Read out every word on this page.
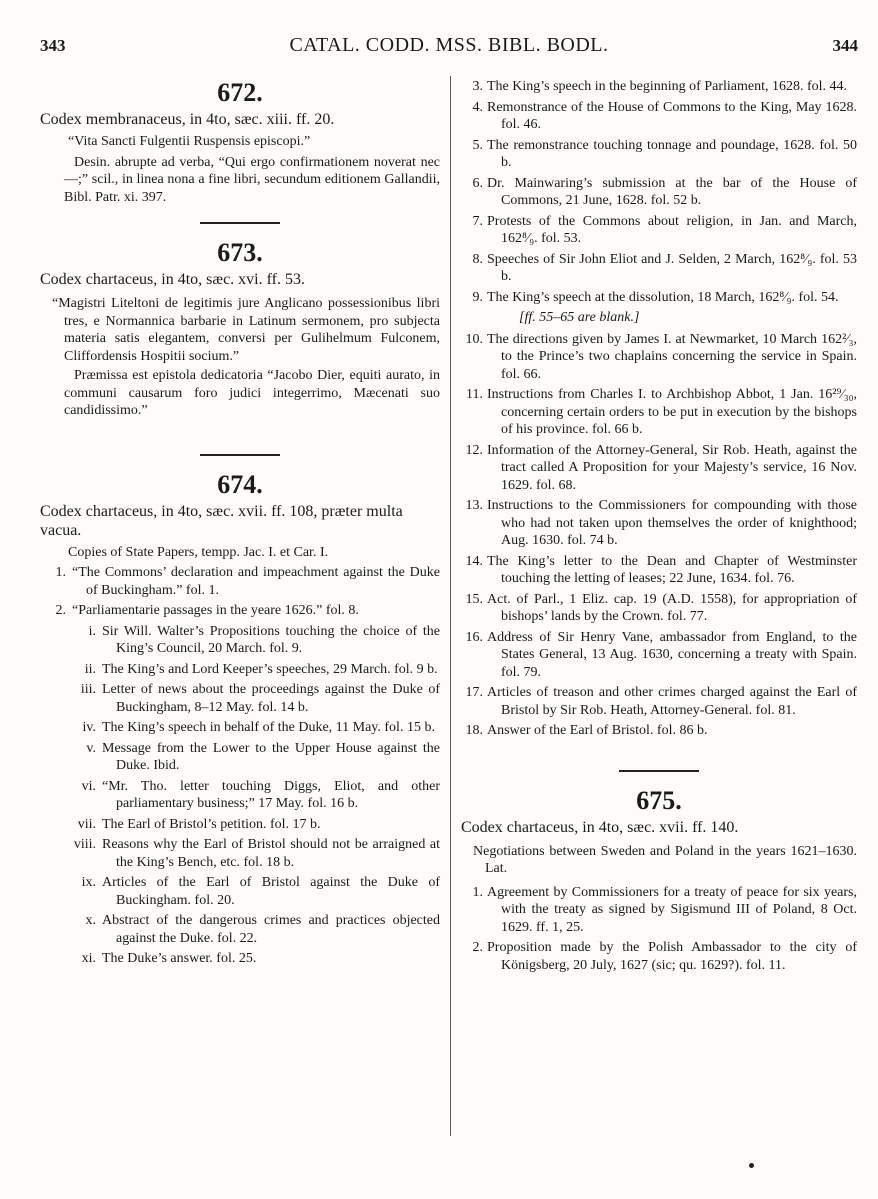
343	CATAL. CODD. MSS. BIBL. BODL.	344
672.
Codex membranaceus, in 4to, sæc. xiii. ff. 20.
“Vita Sancti Fulgentii Ruspensis episcopi.”
Desin. abrupte ad verba, “Qui ergo confirmationem noverat nec —;” scil., in linea nona a fine libri, secundum editionem Gallandii, Bibl. Patr. xi. 397.
673.
Codex chartaceus, in 4to, sæc. xvi. ff. 53.
“Magistri Liteltoni de legitimis jure Anglicano possessionibus libri tres, e Normannica barbarie in Latinum sermonem, pro subjecta materia satis elegantem, conversi per Gulihelmum Fulconem, Cliffordensis Hospitii socium.”
Præmissa est epistola dedicatoria “Jacobo Dier, equiti aurato, in communi causarum foro judici integerrimo, Mæcenati suo candidissimo.”
674.
Codex chartaceus, in 4to, sæc. xvii. ff. 108, præter multa vacua.
Copies of State Papers, tempp. Jac. I. et Car. I.
1. “The Commons’ declaration and impeachment against the Duke of Buckingham.” fol. 1.
2. “Parliamentarie passages in the yeare 1626.” fol. 8.
i. Sir Will. Walter’s Propositions touching the choice of the King’s Council, 20 March. fol. 9.
ii. The King’s and Lord Keeper’s speeches, 29 March. fol. 9 b.
iii. Letter of news about the proceedings against the Duke of Buckingham, 8–12 May. fol. 14 b.
iv. The King’s speech in behalf of the Duke, 11 May. fol. 15 b.
v. Message from the Lower to the Upper House against the Duke. Ibid.
vi. “Mr. Tho. letter touching Diggs, Eliot, and other parliamentary business;” 17 May. fol. 16 b.
vii. The Earl of Bristol’s petition. fol. 17 b.
viii. Reasons why the Earl of Bristol should not be arraigned at the King’s Bench, etc. fol. 18 b.
ix. Articles of the Earl of Bristol against the Duke of Buckingham. fol. 20.
x. Abstract of the dangerous crimes and practices objected against the Duke. fol. 22.
xi. The Duke’s answer. fol. 25.
3. The King’s speech in the beginning of Parliament, 1628. fol. 44.
4. Remonstrance of the House of Commons to the King, May 1628. fol. 46.
5. The remonstrance touching tonnage and poundage, 1628. fol. 50 b.
6. Dr. Mainwaring’s submission at the bar of the House of Commons, 21 June, 1628. fol. 52 b.
7. Protests of the Commons about religion, in Jan. and March, 162⁸⁄₉. fol. 53.
8. Speeches of Sir John Eliot and J. Selden, 2 March, 162⁸⁄₉. fol. 53 b.
9. The King’s speech at the dissolution, 18 March, 162⁸⁄₉. fol. 54.
[ff. 55–65 are blank.]
10. The directions given by James I. at Newmarket, 10 March 162²⁄₃, to the Prince’s two chaplains concerning the service in Spain. fol. 66.
11. Instructions from Charles I. to Archbishop Abbot, 1 Jan. 16²⁹⁄₃₀, concerning certain orders to be put in execution by the bishops of his province. fol. 66 b.
12. Information of the Attorney-General, Sir Rob. Heath, against the tract called A Proposition for your Majesty’s service, 16 Nov. 1629. fol. 68.
13. Instructions to the Commissioners for compounding with those who had not taken upon themselves the order of knighthood; Aug. 1630. fol. 74 b.
14. The King’s letter to the Dean and Chapter of Westminster touching the letting of leases; 22 June, 1634. fol. 76.
15. Act. of Parl., 1 Eliz. cap. 19 (A.D. 1558), for appropriation of bishops’ lands by the Crown. fol. 77.
16. Address of Sir Henry Vane, ambassador from England, to the States General, 13 Aug. 1630, concerning a treaty with Spain. fol. 79.
17. Articles of treason and other crimes charged against the Earl of Bristol by Sir Rob. Heath, Attorney-General. fol. 81.
18. Answer of the Earl of Bristol. fol. 86 b.
675.
Codex chartaceus, in 4to, sæc. xvii. ff. 140.
Negotiations between Sweden and Poland in the years 1621–1630. Lat.
1. Agreement by Commissioners for a treaty of peace for six years, with the treaty as signed by Sigismund III of Poland, 8 Oct. 1629. ff. 1, 25.
2. Proposition made by the Polish Ambassador to the city of Königsberg, 20 July, 1627 (sic; qu. 1629?). fol. 11.
